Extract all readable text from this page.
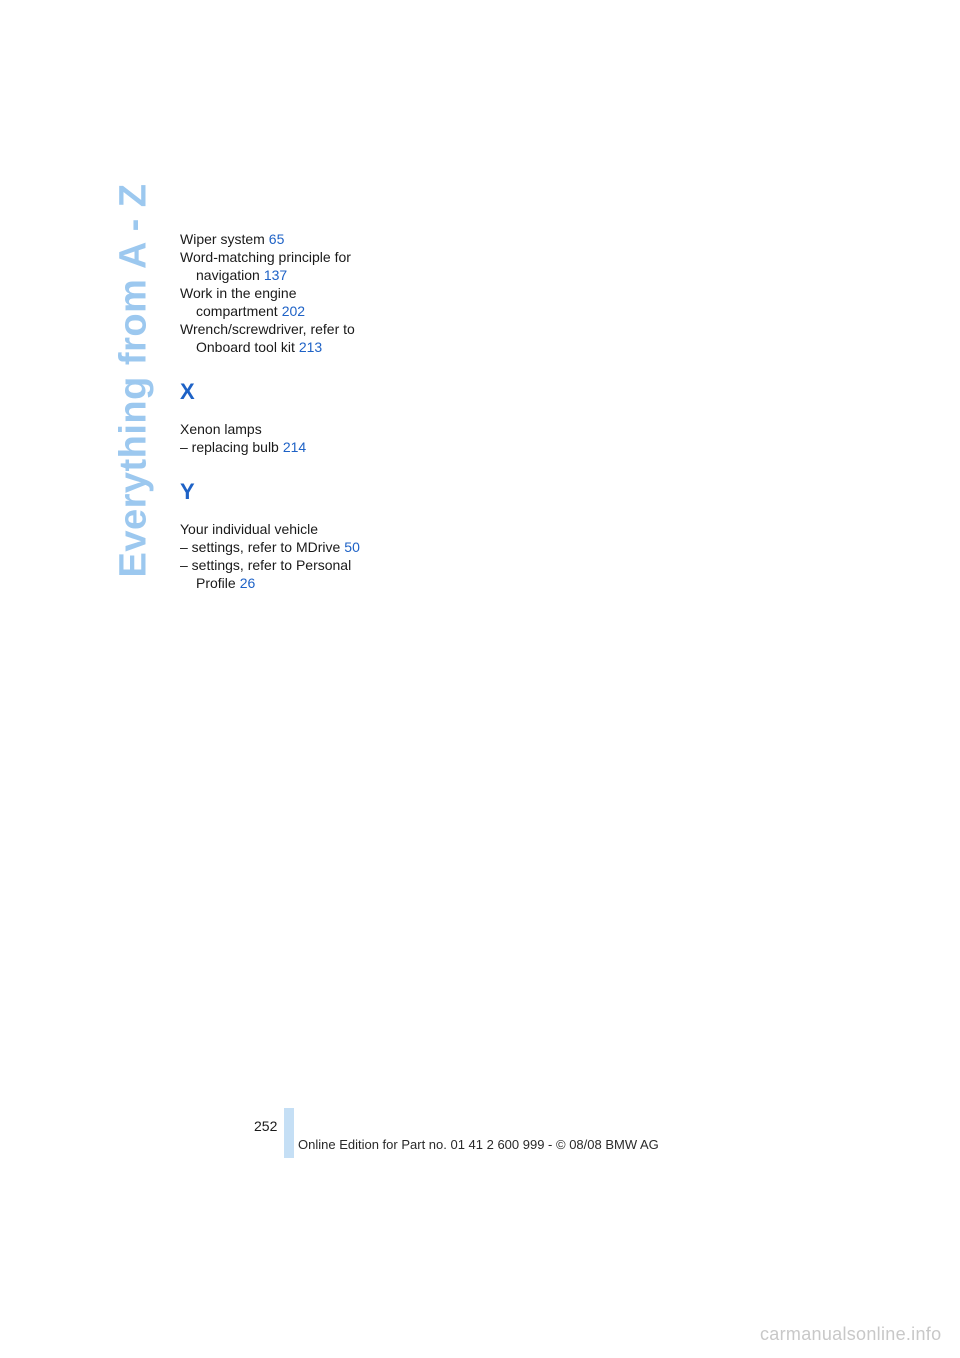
Everything from A - Z Wiper system 65

Word-matching principle for navigation 137

Work in the engine compartment 202

Wrench/screwdriver, refer to Onboard tool kit 213

X

Xenon lamps

– replacing bulb 214

Y

Your individual vehicle

– settings, refer to MDrive 50

– settings, refer to Personal Profile 26

252
Online Edition for Part no. 01 41 2 600 999 - © 08/08 BMW AG
carmanualsonline.info
